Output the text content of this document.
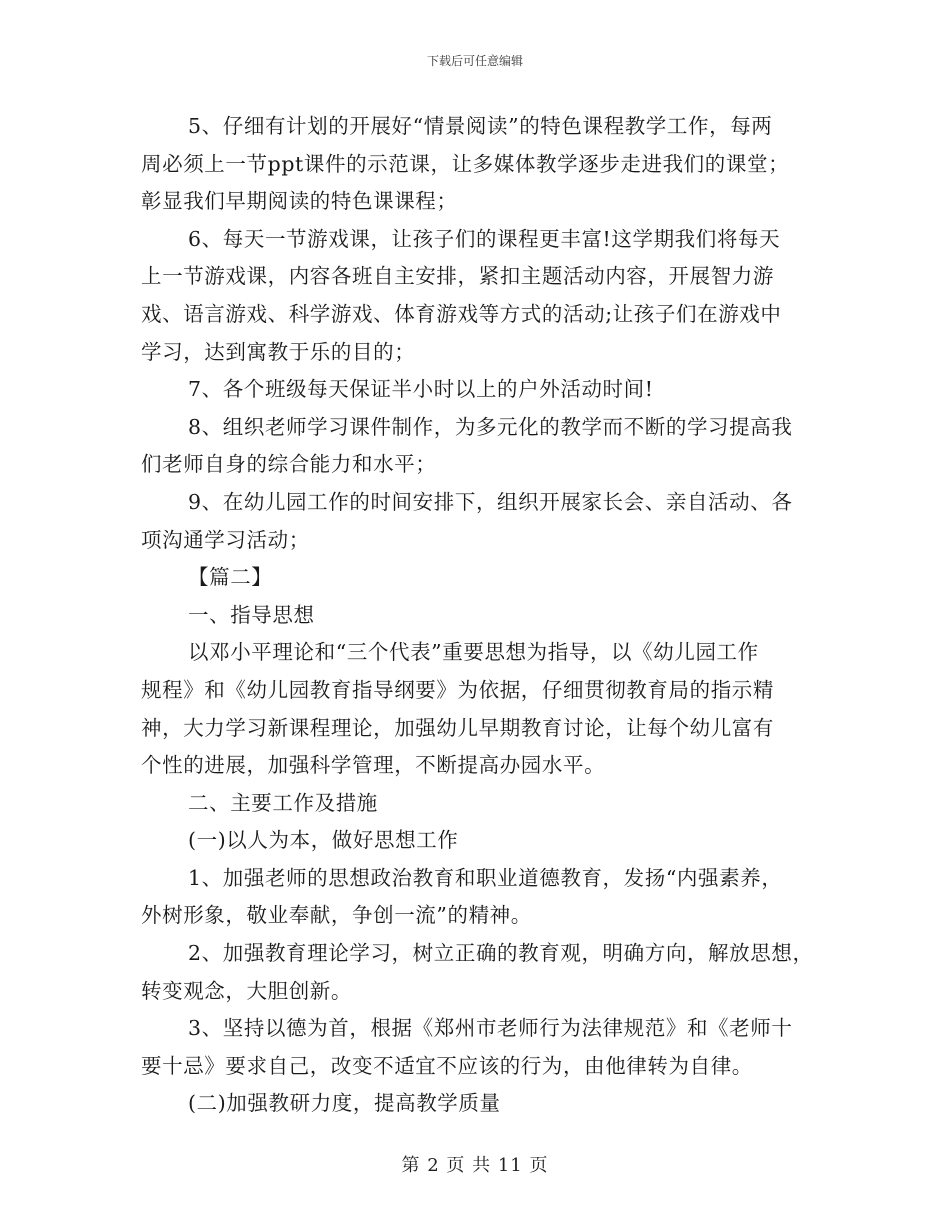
下载后可任意编辑
5、仔细有计划的开展好“情景阅读”的特色课程教学工作，每两
周必须上一节ppt课件的示范课，让多媒体教学逐步走进我们的课堂；
彰显我们早期阅读的特色课课程；
6、每天一节游戏课，让孩子们的课程更丰富!这学期我们将每天
上一节游戏课，内容各班自主安排，紧扣主题活动内容，开展智力游
戏、语言游戏、科学游戏、体育游戏等方式的活动;让孩子们在游戏中
学习，达到寓教于乐的目的；
7、各个班级每天保证半小时以上的户外活动时间!
8、组织老师学习课件制作，为多元化的教学而不断的学习提高我
们老师自身的综合能力和水平；
9、在幼儿园工作的时间安排下，组织开展家长会、亲自活动、各
项沟通学习活动；
【篇二】
一、指导思想
以邓小平理论和“三个代表”重要思想为指导，以《幼儿园工作
规程》和《幼儿园教育指导纲要》为依据，仔细贯彻教育局的指示精
神，大力学习新课程理论，加强幼儿早期教育讨论，让每个幼儿富有
个性的进展，加强科学管理，不断提高办园水平。
二、主要工作及措施
(一)以人为本，做好思想工作
1、加强老师的思想政治教育和职业道德教育，发扬“内强素养，
外树形象，敬业奉献，争创一流”的精神。
2、加强教育理论学习，树立正确的教育观，明确方向，解放思想，
转变观念，大胆创新。
3、坚持以德为首，根据《郑州市老师行为法律规范》和《老师十
要十忌》要求自己，改变不适宜不应该的行为，由他律转为自律。
(二)加强教研力度，提高教学质量
第 2 页 共 11 页
